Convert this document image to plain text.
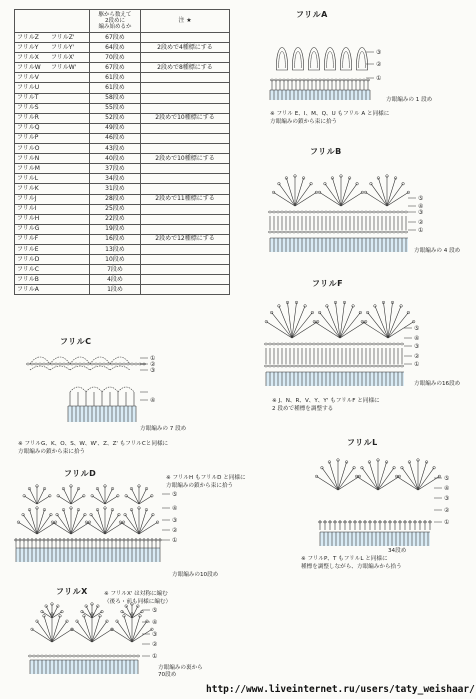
	駆から数えて
2段めに
編み始めるか	注 ★
フリルZ フリルZ'	67段め	
フリルY フリルY'	64段め	2段めで4種標にする
フリルX フリルX'	70段め	
フリルW フリルW'	67段め	2段めで8種標にする
フリルV	61段め	
フリルU	61段め	
フリルT	58段め	
フリルS	55段め	
フリルR	52段め	2段めで10種標にする
フリルQ	49段め	
フリルP	46段め	
フリルO	43段め	
フリルN	40段め	2段めで10種標にする
フリルM	37段め	
フリルL	34段め	
フリルK	31段め	
フリルJ	28段め	2段めで11種標にする
フリルI	25段め	
フリルH	22段め	
フリルG	19段め	
フリルF	16段め	2段めで12種標にする
フリルE	13段め	
フリルD	10段め	
フリルC	7段め	
フリルB	4段め	
フリルA	1段め	
フリルA
フリルB
フリルF
フリルC
フリルL
フリルD
フリルX
方眼編みの 1 段め
方眼編みの 4 段め
方眼編みの16段め
方眼編みの 7 段め

34段め
方眼編みの10段め
方眼編みの裏から
70段め
※ フリル E、I、M、Q、U もフリル A と同様に
方眼編みの鎖から束に拾う
※ J、N、R、V、Y、Y' もフリルF と同様に
2 段めで種標を調整する
※ フリルG、K、O、S、W、W'、Z、Z' もフリルCと同様に
方眼編みの鎖から束に拾う
※ フリルH もフリルD と同様に
方眼編みの鎖から束に拾う
※ フリルP、T もフリルL と同様に
種標を調整しながら、方眼編みから拾う
※ フリルX' は対称に編む
（後ろ・前も同様に編む）
①
②
③
①
②
③
④
⑤
①
②
③
④
⑤
①
②
③
④
①
②
③
④
⑤
①
②
③
④
⑤
①
②
③
④
⑤
http://www.liveinternet.ru/users/taty_weishaar/
